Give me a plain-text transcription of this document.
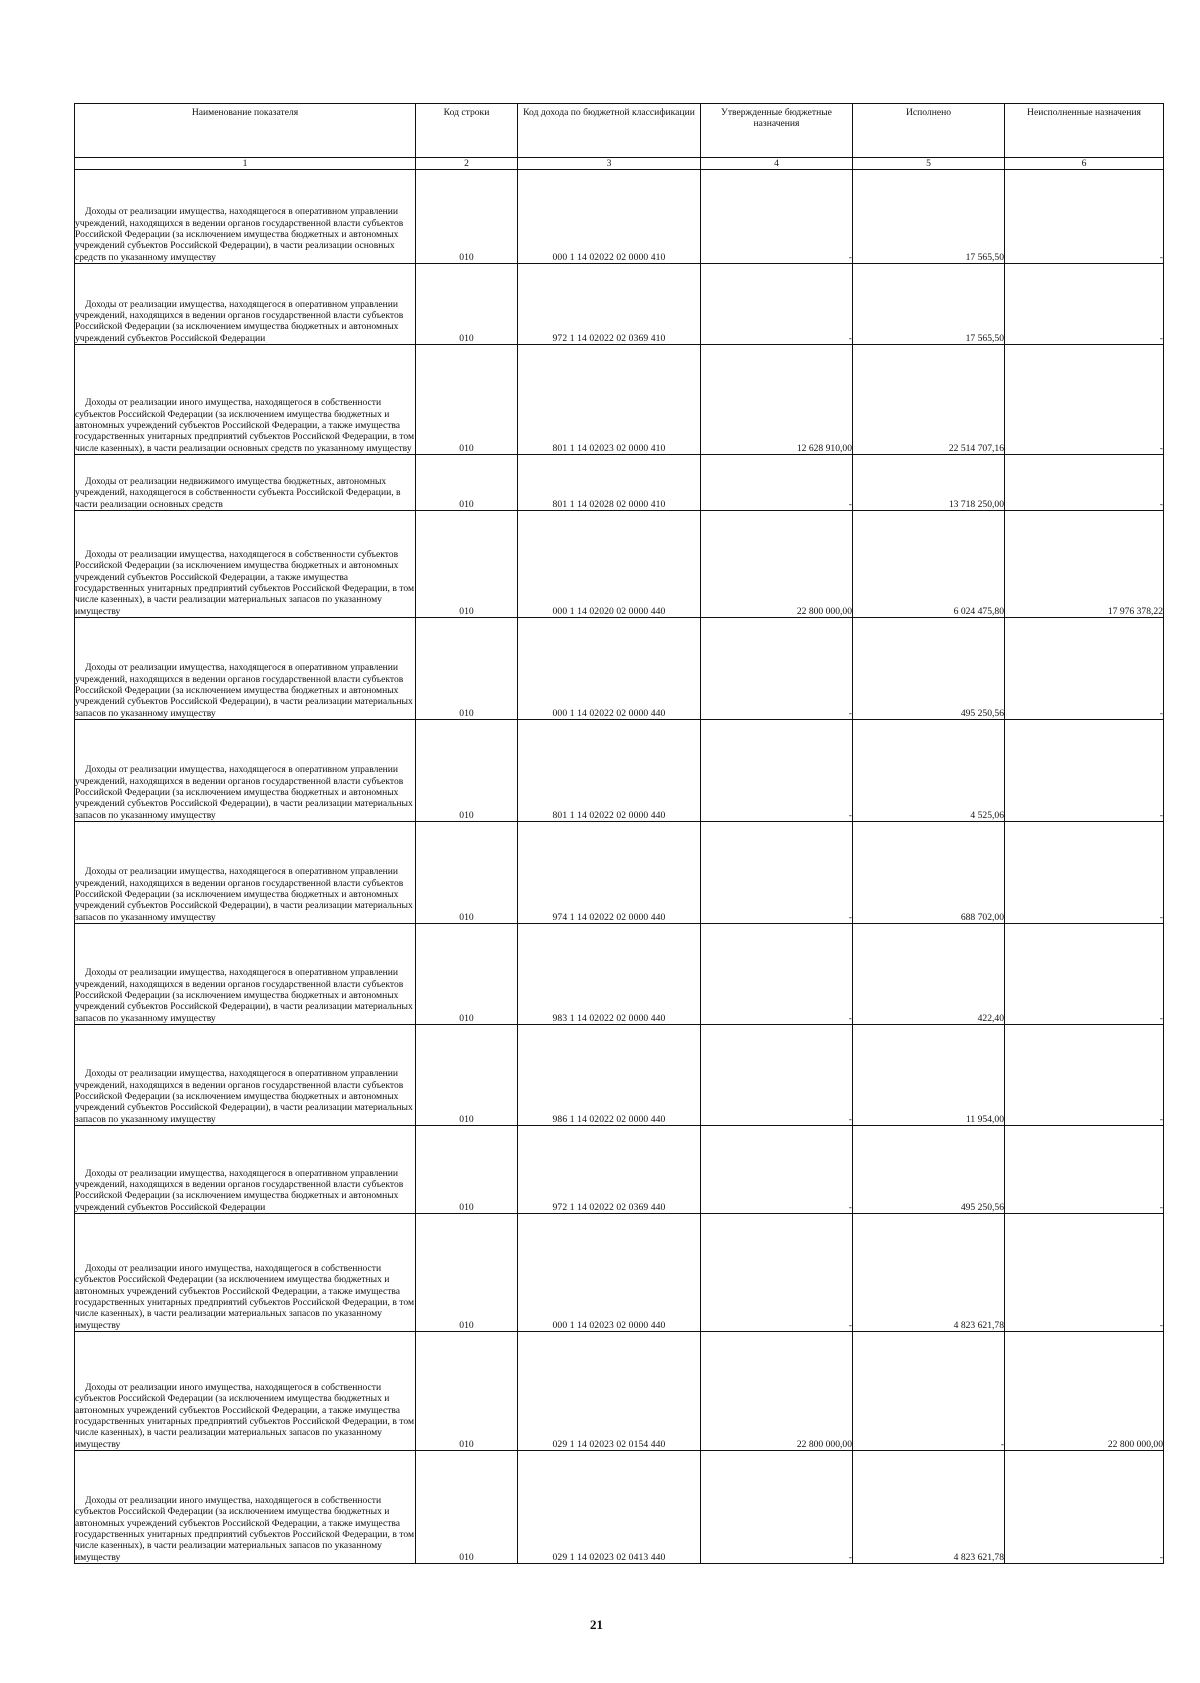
Наименование показателя	Код строки	Код дохода по бюджетной классификации	Утвержденные бюджетные назначения	Исполнено	Неисполненные назначения
1	2	3	4	5	6

Доходы от реализации имущества, находящегося в оперативном управлении учреждений, находящихся в ведении органов государственной власти субъектов Российской Федерации (за исключением имущества бюджетных и автономных учреждений субъектов Российской Федерации), в части реализации основных средств по указанному имуществу	010	000 1 14 02022 02 0000 410	-	17 565,50	-

Доходы от реализации имущества, находящегося в оперативном управлении учреждений, находящихся в ведении органов государственной власти субъектов Российской Федерации (за исключением имущества бюджетных и автономных учреждений субъектов Российской Федерации	010	972 1 14 02022 02 0369 410	-	17 565,50	-

Доходы от реализации иного имущества, находящегося в собственности субъектов Российской Федерации (за исключением имущества бюджетных и автономных учреждений субъектов Российской Федерации, а также имущества государственных унитарных предприятий субъектов Российской Федерации, в том числе казенных), в части реализации основных средств по указанному имуществу	010	801 1 14 02023 02 0000 410	12 628 910,00	22 514 707,16	-

Доходы от реализации недвижимого имущества бюджетных, автономных учреждений, находящегося в собственности субъекта Российской Федерации, в части реализации основных средств	010	801 1 14 02028 02 0000 410	-	13 718 250,00	-

Доходы от реализации имущества, находящегося в собственности субъектов Российской Федерации (за исключением имущества бюджетных и автономных учреждений субъектов Российской Федерации, а также имущества государственных унитарных предприятий субъектов Российской Федерации, в том числе казенных), в части реализации материальных запасов по указанному имуществу	010	000 1 14 02020 02 0000 440	22 800 000,00	6 024 475,80	17 976 378,22

Доходы от реализации имущества, находящегося в оперативном управлении учреждений, находящихся в ведении органов государственной власти субъектов Российской Федерации (за исключением имущества бюджетных и автономных учреждений субъектов Российской Федерации), в части реализации материальных запасов по указанному имуществу	010	000 1 14 02022 02 0000 440	-	495 250,56	-

Доходы от реализации имущества, находящегося в оперативном управлении учреждений, находящихся в ведении органов государственной власти субъектов Российской Федерации (за исключением имущества бюджетных и автономных учреждений субъектов Российской Федерации), в части реализации материальных запасов по указанному имуществу	010	801 1 14 02022 02 0000 440	-	4 525,06	-

Доходы от реализации имущества, находящегося в оперативном управлении учреждений, находящихся в ведении органов государственной власти субъектов Российской Федерации (за исключением имущества бюджетных и автономных учреждений субъектов Российской Федерации), в части реализации материальных запасов по указанному имуществу	010	974 1 14 02022 02 0000 440	-	688 702,00	-

Доходы от реализации имущества, находящегося в оперативном управлении учреждений, находящихся в ведении органов государственной власти субъектов Российской Федерации (за исключением имущества бюджетных и автономных учреждений субъектов Российской Федерации), в части реализации материальных запасов по указанному имуществу	010	983 1 14 02022 02 0000 440	-	422,40	-

Доходы от реализации имущества, находящегося в оперативном управлении учреждений, находящихся в ведении органов государственной власти субъектов Российской Федерации (за исключением имущества бюджетных и автономных учреждений субъектов Российской Федерации), в части реализации материальных запасов по указанному имуществу	010	986 1 14 02022 02 0000 440	-	11 954,00	-

Доходы от реализации имущества, находящегося в оперативном управлении учреждений, находящихся в ведении органов государственной власти субъектов Российской Федерации (за исключением имущества бюджетных и автономных учреждений субъектов Российской Федерации	010	972 1 14 02022 02 0369 440	-	495 250,56	-

Доходы от реализации иного имущества, находящегося в собственности субъектов Российской Федерации (за исключением имущества бюджетных и автономных учреждений субъектов Российской Федерации, а также имущества государственных унитарных предприятий субъектов Российской Федерации, в том числе казенных), в части реализации материальных запасов по указанному имуществу	010	000 1 14 02023 02 0000 440	-	4 823 621,78	-

Доходы от реализации иного имущества, находящегося в собственности субъектов Российской Федерации (за исключением имущества бюджетных и автономных учреждений субъектов Российской Федерации, а также имущества государственных унитарных предприятий субъектов Российской Федерации, в том числе казенных), в части реализации материальных запасов по указанному имуществу	010	029 1 14 02023 02 0154 440	22 800 000,00	-	22 800 000,00

Доходы от реализации иного имущества, находящегося в собственности субъектов Российской Федерации (за исключением имущества бюджетных и автономных учреждений субъектов Российской Федерации, а также имущества государственных унитарных предприятий субъектов Российской Федерации, в том числе казенных), в части реализации материальных запасов по указанному имуществу	010	029 1 14 02023 02 0413 440	-	4 823 621,78	-
21
